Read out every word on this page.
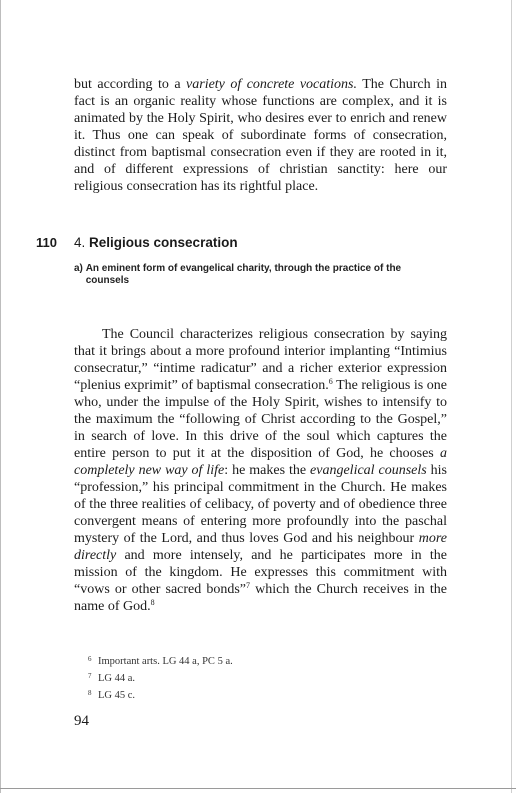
but according to a variety of concrete vocations. The Church in fact is an organic reality whose functions are complex, and it is animated by the Holy Spirit, who desires ever to enrich and renew it. Thus one can speak of subordinate forms of consecration, distinct from baptismal consecration even if they are rooted in it, and of different expressions of christian sanctity: here our religious consecration has its rightful place.

110 4. Religious consecration
a) An eminent form of evangelical charity, through the practice of the counsels

The Council characterizes religious consecration by saying that it brings about a more profound interior implanting “Intimius consecratur,” “intime radicatur” and a richer exterior expression “plenius exprimit” of baptismal consecration.$^6$ The religious is one who, under the impulse of the Holy Spirit, wishes to intensify to the maximum the “following of Christ according to the Gospel,” in search of love. In this drive of the soul which captures the entire person to put it at the disposition of God, he chooses a completely new way of life: he makes the evangelical counsels his “profession,” his principal commitment in the Church. He makes of the three realities of celibacy, of poverty and of obedience three convergent means of entering more profoundly into the paschal mystery of the Lord, and thus loves God and his neighbour more directly and more intensely, and he participates more in the mission of the kingdom. He expresses this commitment with “vows or other sacred bonds”$^7$ which the Church receives in the name of God.$^8$

6 Important arts. LG 44 a, PC 5 a.
7 LG 44 a.
8 LG 45 c.
94
